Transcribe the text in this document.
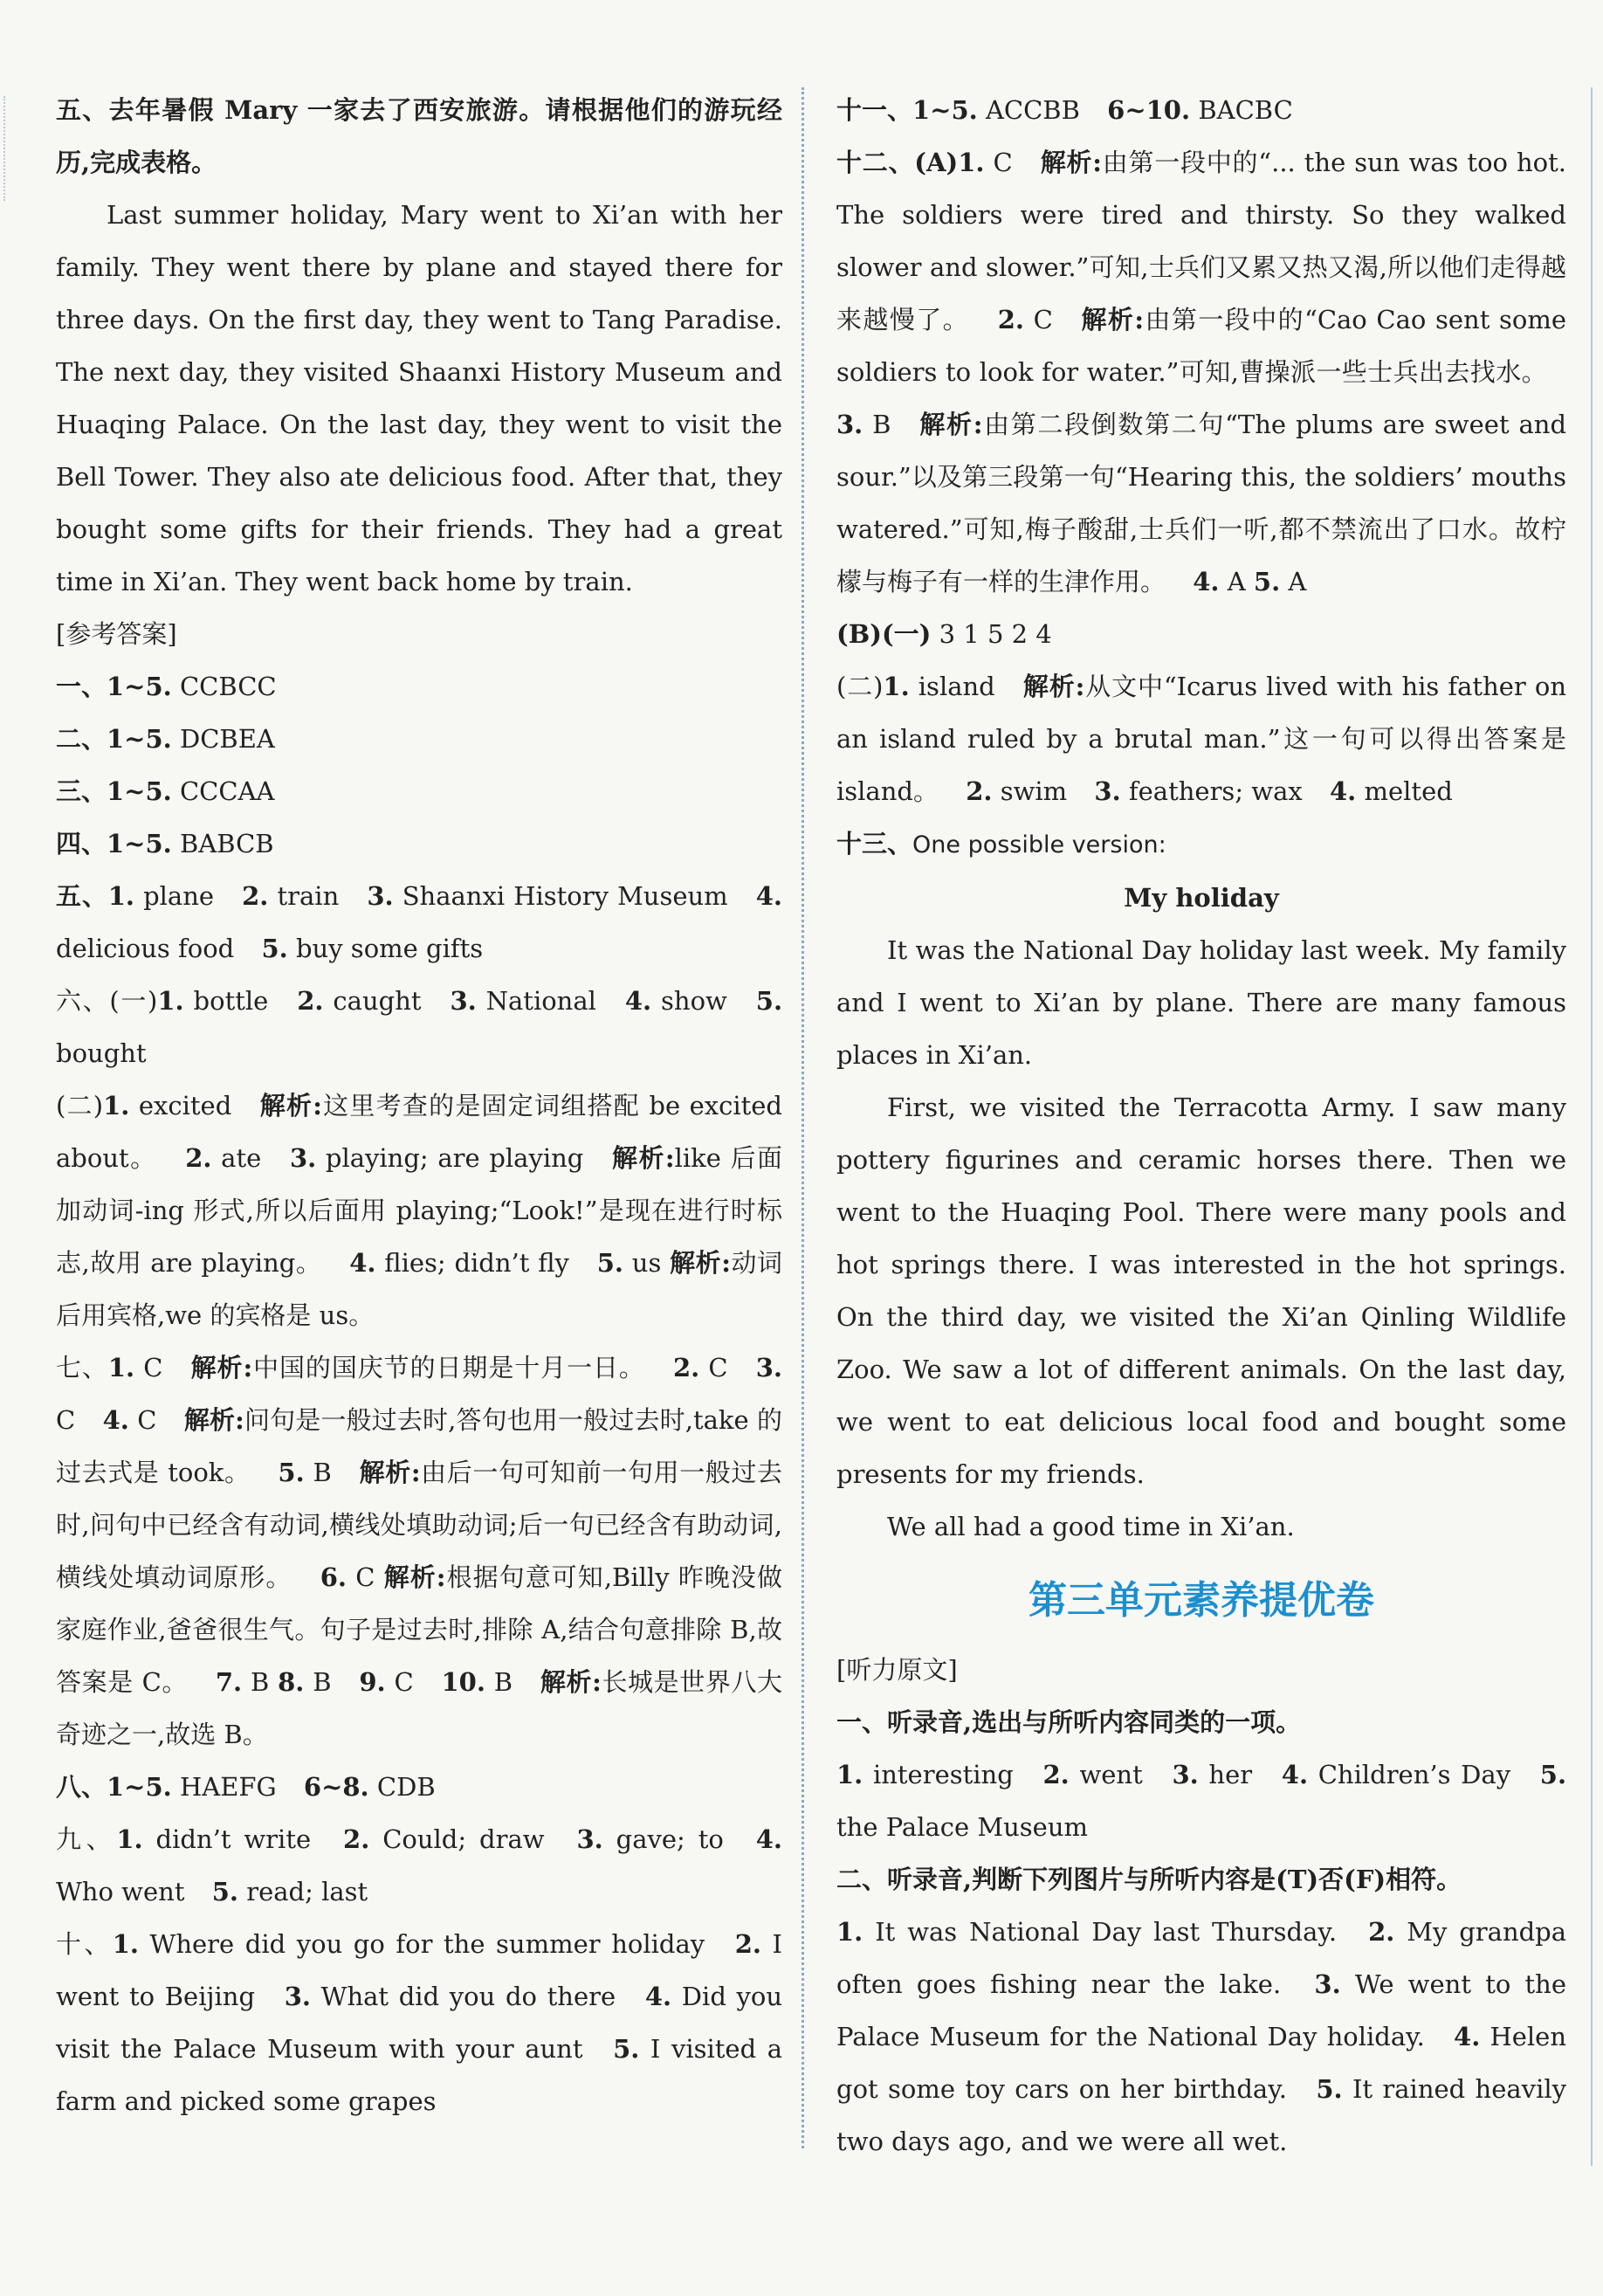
五、去年暑假 Mary 一家去了西安旅游。请根据他们的游玩经历,完成表格。

Last summer holiday, Mary went to Xi’an with her family. They went there by plane and stayed there for three days. On the first day, they went to Tang Paradise. The next day, they visited Shaanxi History Museum and Huaqing Palace. On the last day, they went to visit the Bell Tower. They also ate delicious food. After that, they bought some gifts for their friends. They had a great time in Xi’an. They went back home by train.

[参考答案]

一、1~5. CCBCC

二、1~5. DCBEA

三、1~5. CCCAA

四、1~5. BABCB

五、1. plane 2. train 3. Shaanxi History Museum 4. delicious food 5. buy some gifts

六、(一)1. bottle 2. caught 3. National 4. show 5. bought

(二)1. excited 解析:这里考查的是固定词组搭配 be excited about。 2. ate 3. playing; are playing 解析:like 后面加动词-ing 形式,所以后面用 playing;“Look!”是现在进行时标志,故用 are playing。 4. flies; didn’t fly 5. us 解析:动词后用宾格,we 的宾格是 us。

七、1. C 解析:中国的国庆节的日期是十月一日。 2. C 3. C 4. C 解析:问句是一般过去时,答句也用一般过去时,take 的过去式是 took。 5. B 解析:由后一句可知前一句用一般过去时,问句中已经含有动词,横线处填助动词;后一句已经含有助动词,横线处填动词原形。 6. C 解析:根据句意可知,Billy 昨晚没做家庭作业,爸爸很生气。句子是过去时,排除 A,结合句意排除 B,故答案是 C。 7. B 8. B 9. C 10. B 解析:长城是世界八大奇迹之一,故选 B。

八、1~5. HAEFG 6~8. CDB

九、1. didn’t write 2. Could; draw 3. gave; to 4. Who went 5. read; last

十、1. Where did you go for the summer holiday 2. I went to Beijing 3. What did you do there 4. Did you visit the Palace Museum with your aunt 5. I visited a farm and picked some grapes

十一、1~5. ACCBB 6~10. BACBC

十二、(A)1. C 解析:由第一段中的“... the sun was too hot. The soldiers were tired and thirsty. So they walked slower and slower.”可知,士兵们又累又热又渴,所以他们走得越来越慢了。 2. C 解析:由第一段中的“Cao Cao sent some soldiers to look for water.”可知,曹操派一些士兵出去找水。 3. B 解析:由第二段倒数第二句“The plums are sweet and sour.”以及第三段第一句“Hearing this, the soldiers’ mouths watered.”可知,梅子酸甜,士兵们一听,都不禁流出了口水。故柠檬与梅子有一样的生津作用。 4. A 5. A

(B)(一) 3 1 5 2 4

(二)1. island 解析:从文中“Icarus lived with his father on an island ruled by a brutal man.”这一句可以得出答案是 island。 2. swim 3. feathers; wax 4. melted

十三、One possible version:

My holiday

It was the National Day holiday last week. My family and I went to Xi’an by plane. There are many famous places in Xi’an.

First, we visited the Terracotta Army. I saw many pottery figurines and ceramic horses there. Then we went to the Huaqing Pool. There were many pools and hot springs there. I was interested in the hot springs. On the third day, we visited the Xi’an Qinling Wildlife Zoo. We saw a lot of different animals. On the last day, we went to eat delicious local food and bought some presents for my friends.

We all had a good time in Xi’an.

第三单元素养提优卷

[听力原文]

一、听录音,选出与所听内容同类的一项。

1. interesting 2. went 3. her 4. Children’s Day 5. the Palace Museum

二、听录音,判断下列图片与所听内容是(T)否(F)相符。

1. It was National Day last Thursday. 2. My grandpa often goes fishing near the lake. 3. We went to the Palace Museum for the National Day holiday. 4. Helen got some toy cars on her birthday. 5. It rained heavily two days ago, and we were all wet.
